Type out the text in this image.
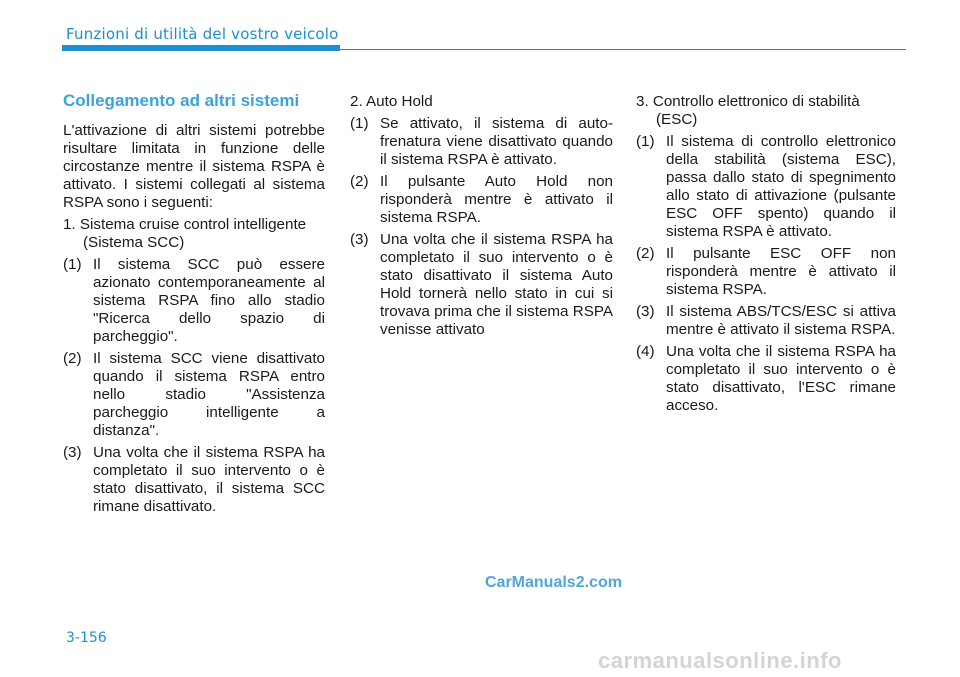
Funzioni di utilità del vostro veicolo
Collegamento ad altri sistemi
L'attivazione di altri sistemi potrebbe risultare limitata in funzione delle circostanze mentre il sistema RSPA è attivato. I sistemi collegati al sistema RSPA sono i seguenti:
1. Sistema cruise control intelligente (Sistema SCC)
(1) Il sistema SCC può essere azionato contemporaneamente al sistema RSPA fino allo stadio "Ricerca dello spazio di parcheggio".
(2) Il sistema SCC viene disattivato quando il sistema RSPA entro nello stadio "Assistenza parcheggio intelligente a distanza".
(3) Una volta che il sistema RSPA ha completato il suo intervento o è stato disattivato, il sistema SCC rimane disattivato.
2. Auto Hold
(1) Se attivato, il sistema di auto-frenatura viene disattivato quando il sistema RSPA è attivato.
(2) Il pulsante Auto Hold non risponderà mentre è attivato il sistema RSPA.
(3) Una volta che il sistema RSPA ha completato il suo intervento o è stato disattivato il sistema Auto Hold tornerà nello stato in cui si trovava prima che il sistema RSPA venisse attivato
3. Controllo elettronico di stabilità (ESC)
(1) Il sistema di controllo elettronico della stabilità (sistema ESC), passa dallo stato di spegnimento allo stato di attivazione (pulsante ESC OFF spento) quando il sistema RSPA è attivato.
(2) Il pulsante ESC OFF non risponderà mentre è attivato il sistema RSPA.
(3) Il sistema ABS/TCS/ESC si attiva mentre è attivato il sistema RSPA.
(4) Una volta che il sistema RSPA ha completato il suo intervento o è stato disattivato, l'ESC rimane acceso.
CarManuals2.com
3-156
carmanualsonline.info
